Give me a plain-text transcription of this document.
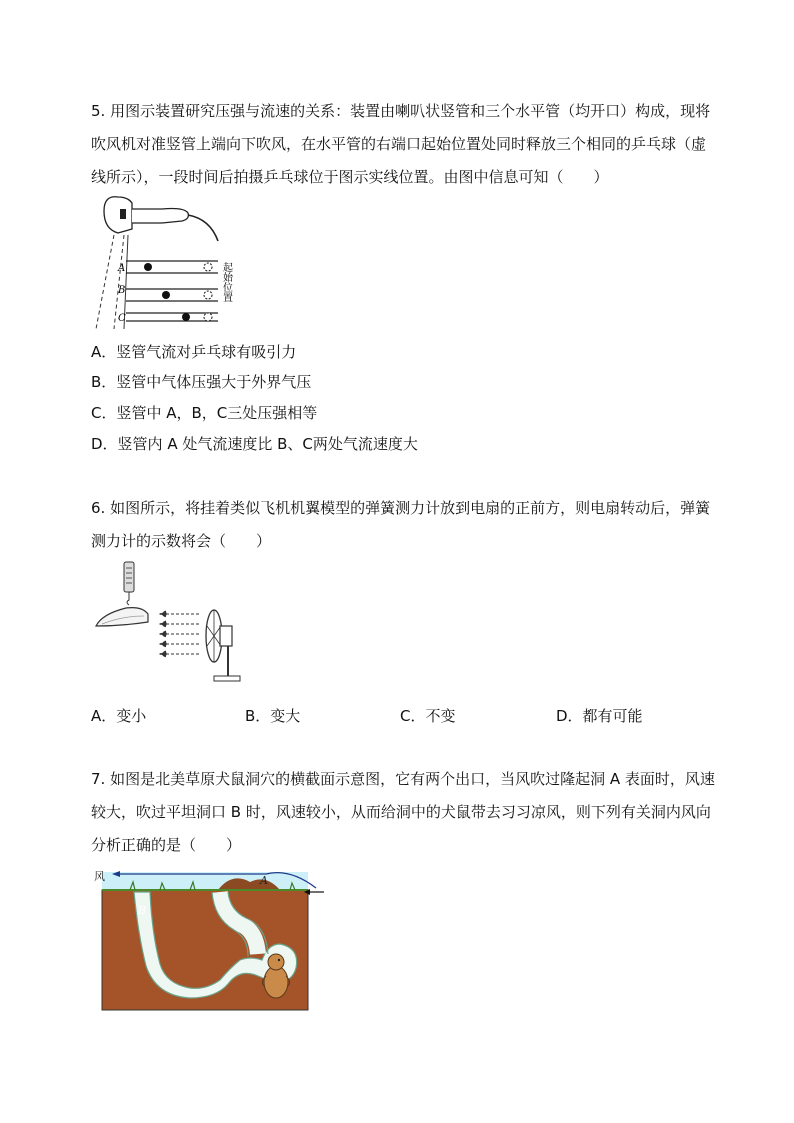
5. 用图示装置研究压强与流速的关系：装置由喇叭状竖管和三个水平管（均开口）构成，现将吹风机对准竖管上端向下吹风，在水平管的右端口起始位置处同时释放三个相同的乒乓球（虚线所示），一段时间后拍摄乒乓球位于图示实线位置。由图中信息可知（　　）
A
B
C
起始位置
A．竖管气流对乒乓球有吸引力
B．竖管中气体压强大于外界气压
C．竖管中 A，B，C三处压强相等
D．竖管内 A 处气流速度比 B、C两处气流速度大
6. 如图所示，将挂着类似飞机机翼模型的弹簧测力计放到电扇的正前方，则电扇转动后，弹簧测力计的示数将会（　　）
A．变小	B．变大	C．不变	D．都有可能
7. 如图是北美草原犬鼠洞穴的横截面示意图，它有两个出口，当风吹过隆起洞 A 表面时，风速较大，吹过平坦洞口 B 时，风速较小，从而给洞中的犬鼠带去习习凉风，则下列有关洞内风向分析正确的是（　　）
风	A
B
